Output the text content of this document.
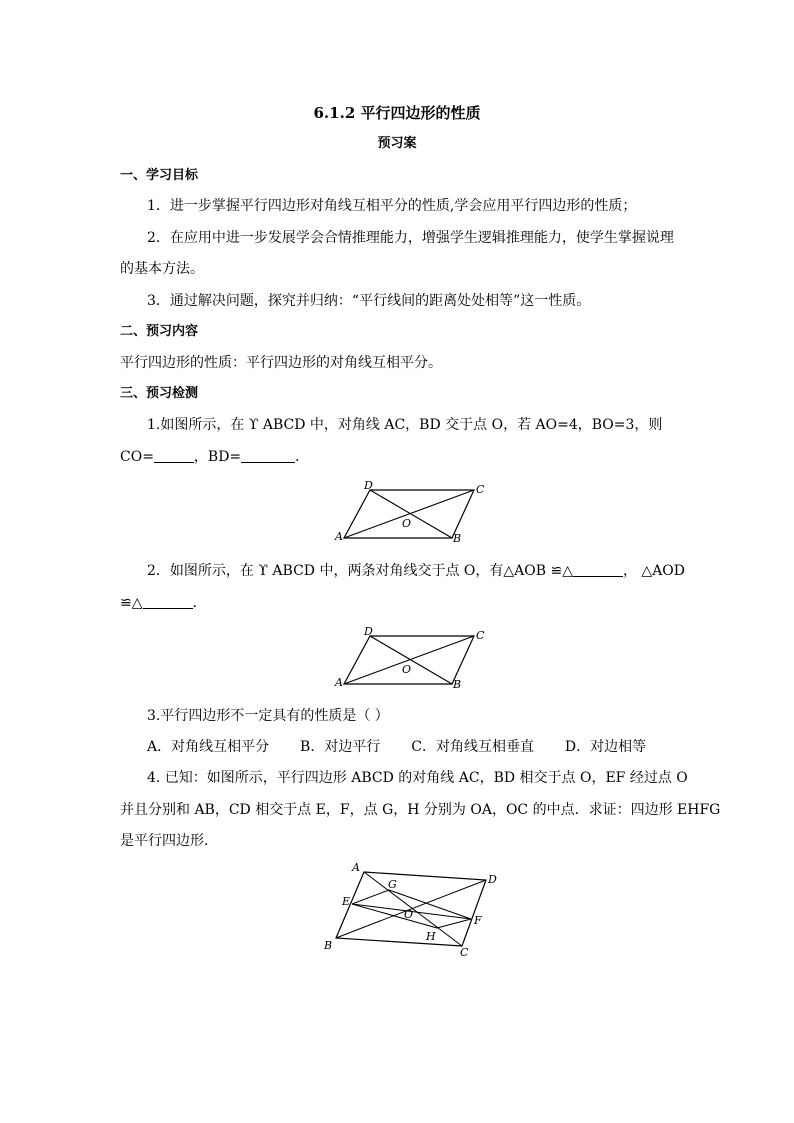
6.1.2 平行四边形的性质
预习案
一、学习目标
1．进一步掌握平行四边形对角线互相平分的性质,学会应用平行四边形的性质；
2．在应用中进一步发展学会合情推理能力，增强学生逻辑推理能力，使学生掌握说理
的基本方法。
3．通过解决问题，探究并归纳：“平行线间的距离处处相等”这一性质。
二、预习内容
平行四边形的性质：平行四边形的对角线互相平分。
三、预习检测
1.如图所示，在 ϒ ABCD 中，对角线 AC，BD 交于点 O，若 AO=4，BO=3，则
CO=	，BD=	．
D	C
A	B
O
2．如图所示，在 ϒ ABCD 中，两条对角线交于点 O，有△AOB ≌△	， △AOD
≌△	．
D	C
A	B
O
3.平行四边形不一定具有的性质是（ ）
A．对角线互相平分 B．对边平行 C．对角线互相垂直 D．对边相等
4. 已知：如图所示，平行四边形 ABCD 的对角线 AC，BD 相交于点 O，EF 经过点 O
并且分别和 AB，CD 相交于点 E，F，点 G，H 分别为 OA，OC 的中点．求证：四边形 EHFG
是平行四边形．
A
D
B
C
E
F
G
H
O
